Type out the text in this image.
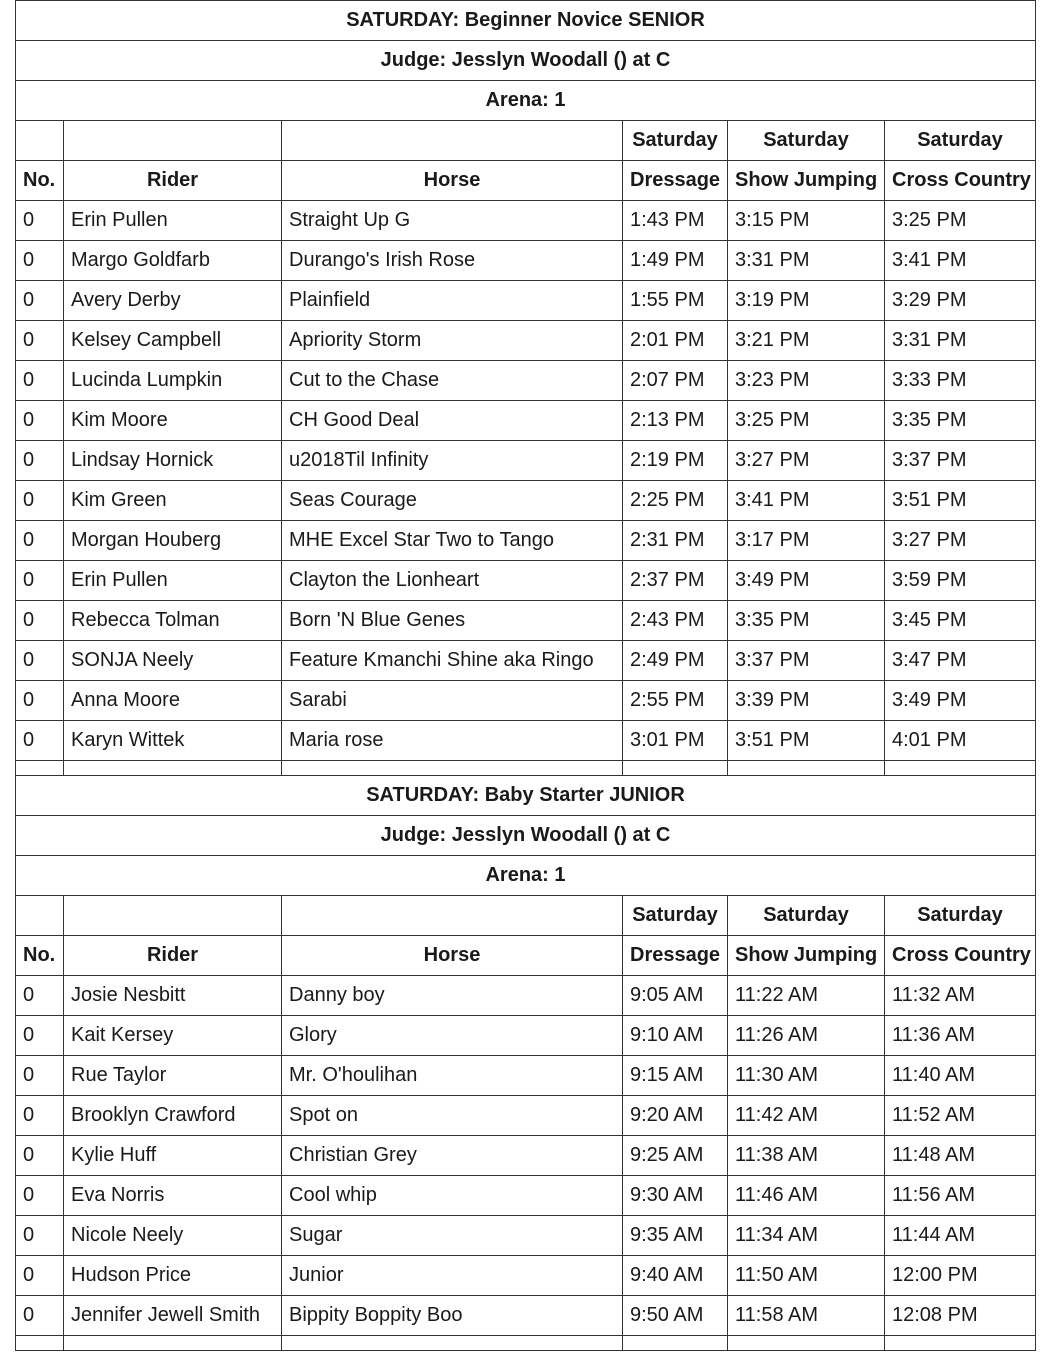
SATURDAY: Beginner Novice SENIOR					
Judge: Jesslyn Woodall () at C					
Arena: 1					
			Saturday	Saturday	Saturday
No.	Rider	Horse	Dressage	Show Jumping	Cross Country
0	Erin Pullen	Straight Up G	1:43 PM	3:15 PM	3:25 PM
0	Margo Goldfarb	Durango's Irish Rose	1:49 PM	3:31 PM	3:41 PM
0	Avery Derby	Plainfield	1:55 PM	3:19 PM	3:29 PM
0	Kelsey Campbell	Apriority Storm	2:01 PM	3:21 PM	3:31 PM
0	Lucinda Lumpkin	Cut to the Chase	2:07 PM	3:23 PM	3:33 PM
0	Kim Moore	CH Good Deal	2:13 PM	3:25 PM	3:35 PM
0	Lindsay Hornick	u2018Til Infinity	2:19 PM	3:27 PM	3:37 PM
0	Kim Green	Seas Courage	2:25 PM	3:41 PM	3:51 PM
0	Morgan Houberg	MHE Excel Star Two to Tango	2:31 PM	3:17 PM	3:27 PM
0	Erin Pullen	Clayton the Lionheart	2:37 PM	3:49 PM	3:59 PM
0	Rebecca Tolman	Born 'N Blue Genes	2:43 PM	3:35 PM	3:45 PM
0	SONJA Neely	Feature Kmanchi Shine aka Ringo	2:49 PM	3:37 PM	3:47 PM
0	Anna Moore	Sarabi	2:55 PM	3:39 PM	3:49 PM
0	Karyn Wittek	Maria rose	3:01 PM	3:51 PM	4:01 PM

SATURDAY: Baby Starter JUNIOR					
Judge: Jesslyn Woodall () at C					
Arena: 1					
			Saturday	Saturday	Saturday
No.	Rider	Horse	Dressage	Show Jumping	Cross Country
0	Josie Nesbitt	Danny boy	9:05 AM	11:22 AM	11:32 AM
0	Kait Kersey	Glory	9:10 AM	11:26 AM	11:36 AM
0	Rue Taylor	Mr. O'houlihan	9:15 AM	11:30 AM	11:40 AM
0	Brooklyn Crawford	Spot on	9:20 AM	11:42 AM	11:52 AM
0	Kylie Huff	Christian Grey	9:25 AM	11:38 AM	11:48 AM
0	Eva Norris	Cool whip	9:30 AM	11:46 AM	11:56 AM
0	Nicole Neely	Sugar	9:35 AM	11:34 AM	11:44 AM
0	Hudson Price	Junior	9:40 AM	11:50 AM	12:00 PM
0	Jennifer Jewell Smith	Bippity Boppity Boo	9:50 AM	11:58 AM	12:08 PM
